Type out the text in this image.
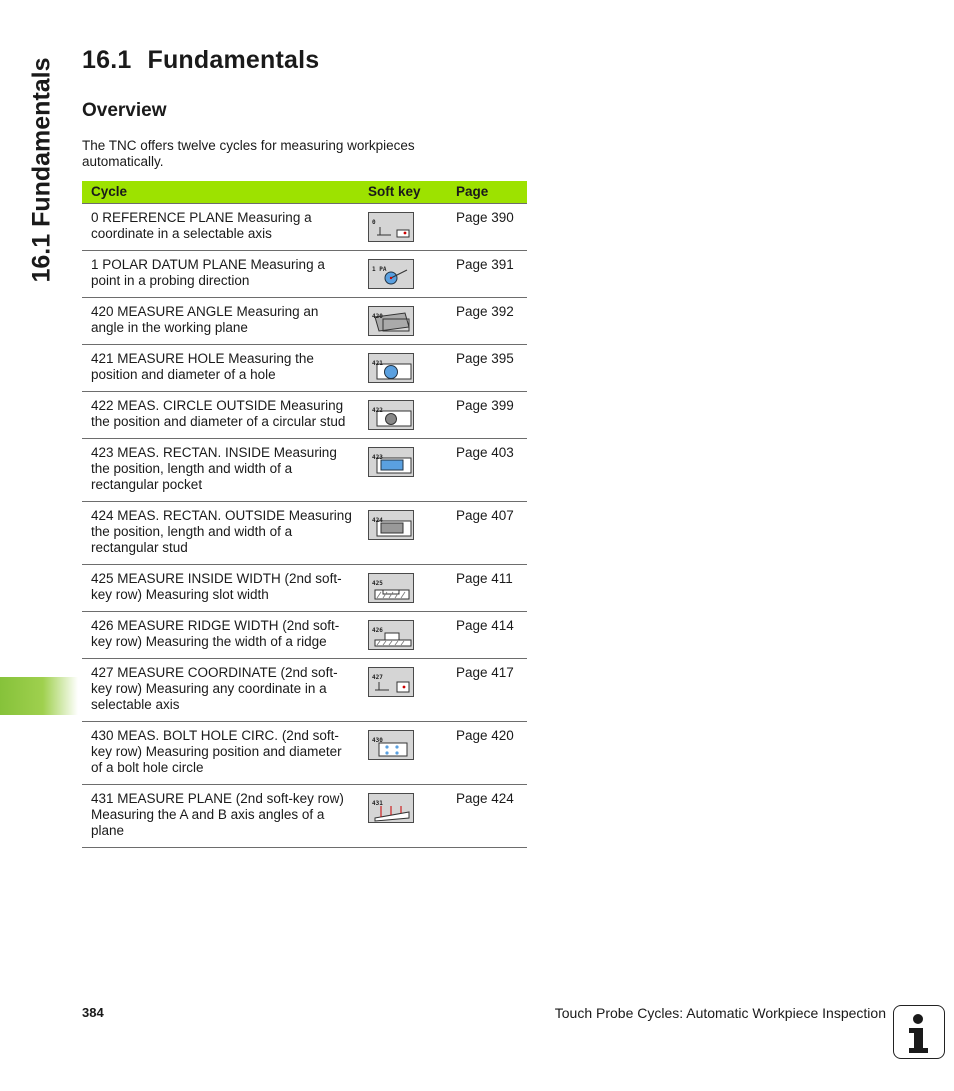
16.1 Fundamentals 16.1 Fundamentals
Overview

The TNC offers twelve cycles for measuring workpieces automatically.

Cycle	Soft key	Page
0 REFERENCE PLANE Measuring a coordinate in a selectable axis	0	Page 390
1 POLAR DATUM PLANE Measuring a point in a probing direction	1 PA	Page 391
420 MEASURE ANGLE Measuring an angle in the working plane	420	Page 392
421 MEASURE HOLE Measuring the position and diameter of a hole	421	Page 395
422 MEAS. CIRCLE OUTSIDE Measuring the position and diameter of a circular stud	422	Page 399
423 MEAS. RECTAN. INSIDE Measuring the position, length and width of a rectangular pocket	423	Page 403
424 MEAS. RECTAN. OUTSIDE Measuring the position, length and width of a rectangular stud	424	Page 407
425 MEASURE INSIDE WIDTH (2nd soft-key row) Measuring slot width	425	Page 411
426 MEASURE RIDGE WIDTH (2nd soft-key row) Measuring the width of a ridge	426	Page 414
427 MEASURE COORDINATE (2nd soft-key row) Measuring any coordinate in a selectable axis	427	Page 417
430 MEAS. BOLT HOLE CIRC. (2nd soft-key row) Measuring position and diameter of a bolt hole circle	430	Page 420
431 MEASURE PLANE (2nd soft-key row) Measuring the A and B axis angles of a plane	431	Page 424
384	Touch Probe Cycles: Automatic Workpiece Inspection
